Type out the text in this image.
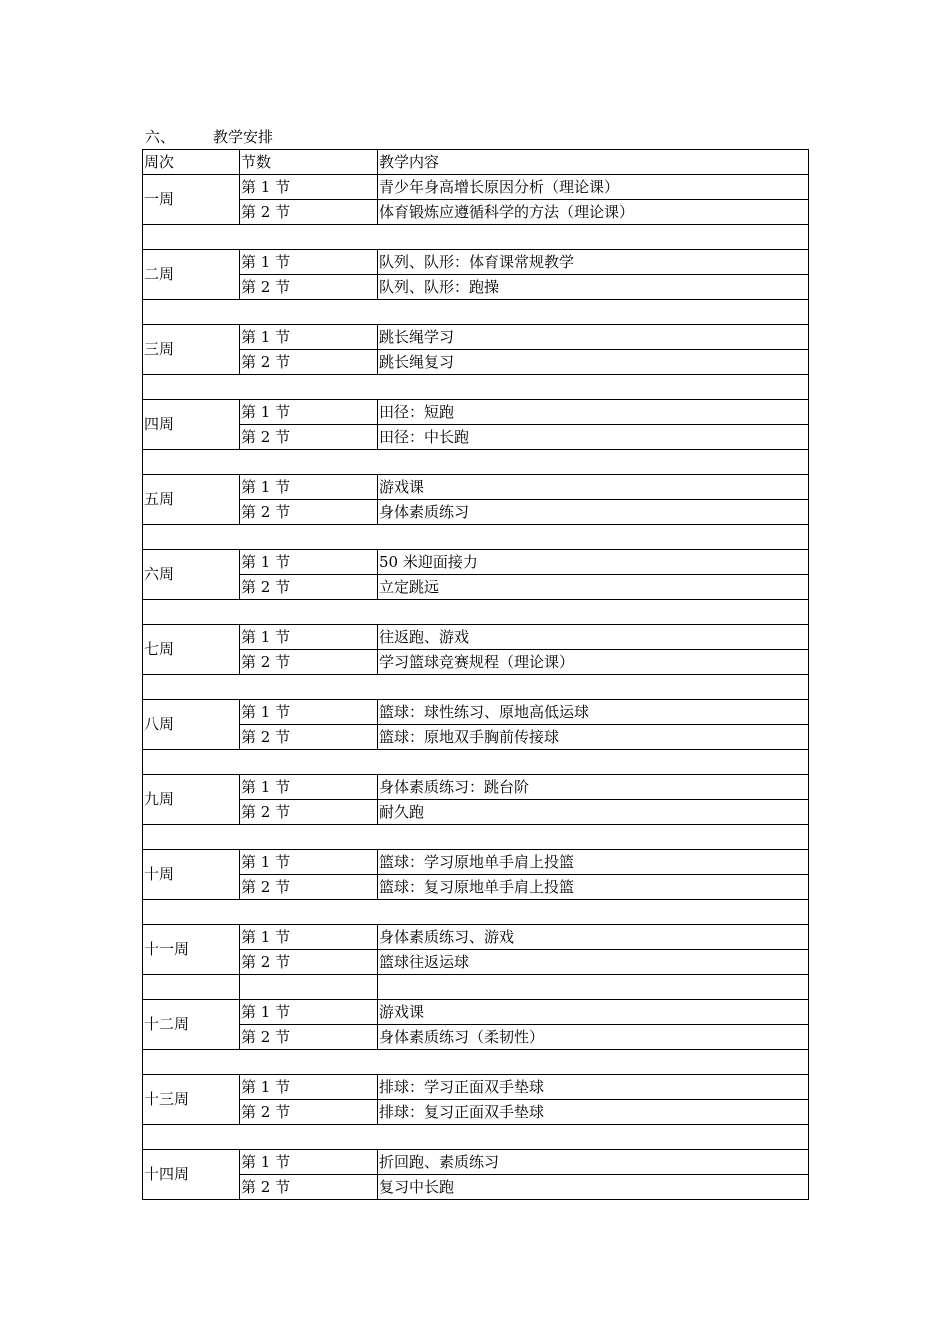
六、	教学安排
周次	节数	教学内容
一周	第 1 节	青少年身高增长原因分析（理论课）
	第 2 节	体育锻炼应遵循科学的方法（理论课）

二周	第 1 节	队列、队形：体育课常规教学
	第 2 节	队列、队形：跑操

三周	第 1 节	跳长绳学习
	第 2 节	跳长绳复习

四周	第 1 节	田径：短跑
	第 2 节	田径：中长跑

五周	第 1 节	游戏课
	第 2 节	身体素质练习

六周	第 1 节	50 米迎面接力
	第 2 节	立定跳远

七周	第 1 节	往返跑、游戏
	第 2 节	学习篮球竞赛规程（理论课）

八周	第 1 节	篮球：球性练习、原地高低运球
	第 2 节	篮球：原地双手胸前传接球

九周	第 1 节	身体素质练习：跳台阶
	第 2 节	耐久跑

十周	第 1 节	篮球：学习原地单手肩上投篮
	第 2 节	篮球：复习原地单手肩上投篮

十一周	第 1 节	身体素质练习、游戏
	第 2 节	篮球往返运球

十二周	第 1 节	游戏课
	第 2 节	身体素质练习（柔韧性）

十三周	第 1 节	排球：学习正面双手垫球
	第 2 节	排球：复习正面双手垫球

十四周	第 1 节	折回跑、素质练习
	第 2 节	复习中长跑
